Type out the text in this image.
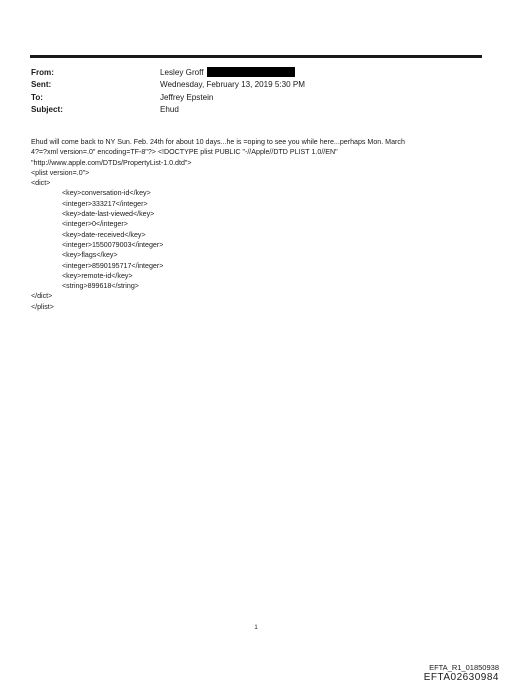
From:	Lesley Groff
Sent:	Wednesday, February 13, 2019 5:30 PM
To:	Jeffrey Epstein
Subject:	Ehud
Ehud will come back to NY Sun. Feb. 24th for about 10 days...he is =oping to see you while here...perhaps Mon. March
4?=?xml version=.0" encoding=TF-8"?> <!DOCTYPE plist PUBLIC "-//Apple//DTD PLIST 1.0//EN"
"http://www.apple.com/DTDs/PropertyList-1.0.dtd">
<plist version=.0">
<dict>
<key>conversation-id</key>
<integer>333217</integer>
<key>date-last-viewed</key>
<integer>0</integer>
<key>date-received</key>
<integer>1550079003</integer>
<key>flags</key>
<integer>8590195717</integer>
<key>remote-id</key>
<string>899618</string>
</dict>
</plist>
1
EFTA_R1_01850938
EFTA02630984
